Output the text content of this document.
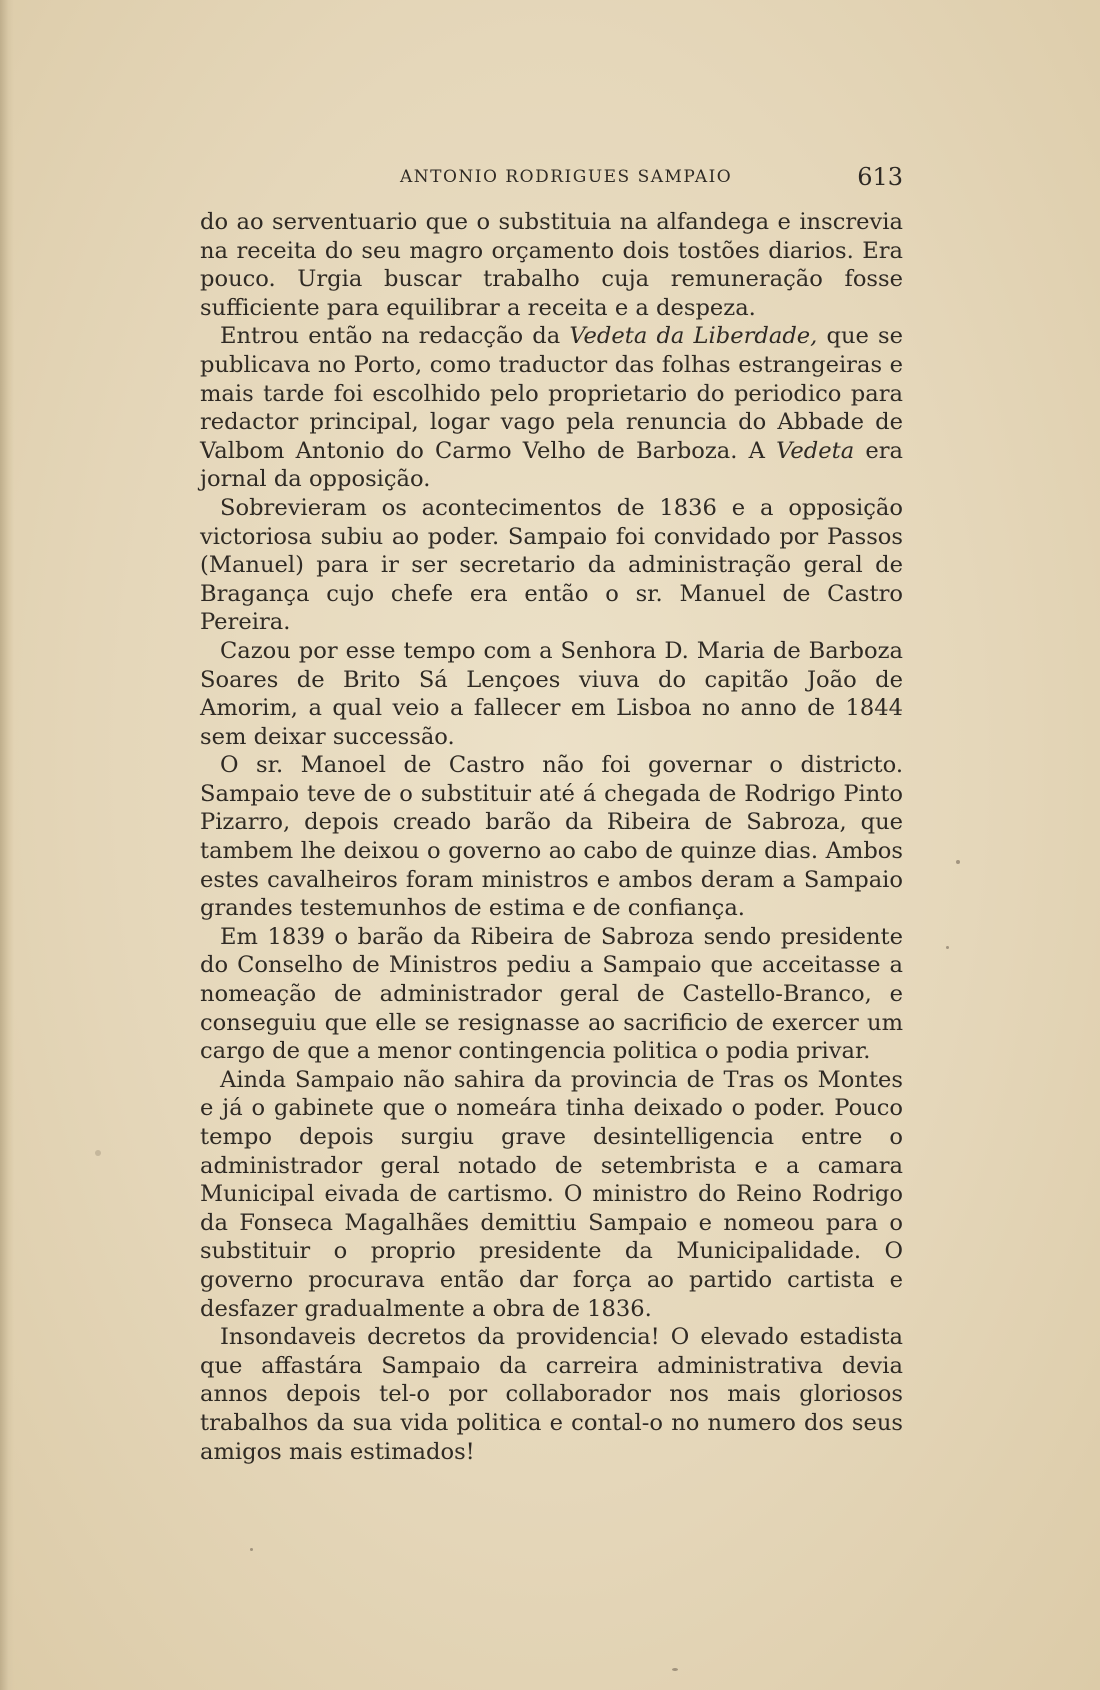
ANTONIO RODRIGUES SAMPAIO	613

do ao serventuario que o substituia na alfandega e inscrevia na receita do seu magro orçamento dois tostões diarios. Era pouco. Urgia buscar trabalho cuja remuneração fosse sufficiente para equilibrar a receita e a despeza.

Entrou então na redacção da Vedeta da Liberdade, que se publicava no Porto, como traductor das folhas estrangeiras e mais tarde foi escolhido pelo proprietario do periodico para redactor principal, logar vago pela renuncia do Abbade de Valbom Antonio do Carmo Velho de Barboza. A Vedeta era jornal da opposição.

Sobrevieram os acontecimentos de 1836 e a opposição victoriosa subiu ao poder. Sampaio foi convidado por Passos (Manuel) para ir ser secretario da administração geral de Bragança cujo chefe era então o sr. Manuel de Castro Pereira.

Cazou por esse tempo com a Senhora D. Maria de Barboza Soares de Brito Sá Lençoes viuva do capitão João de Amorim, a qual veio a fallecer em Lisboa no anno de 1844 sem deixar successão.

O sr. Manoel de Castro não foi governar o districto. Sampaio teve de o substituir até á chegada de Rodrigo Pinto Pizarro, depois creado barão da Ribeira de Sabroza, que tambem lhe deixou o governo ao cabo de quinze dias. Ambos estes cavalheiros foram ministros e ambos deram a Sampaio grandes testemunhos de estima e de confiança.

Em 1839 o barão da Ribeira de Sabroza sendo presidente do Conselho de Ministros pediu a Sampaio que acceitasse a nomeação de administrador geral de Castello-Branco, e conseguiu que elle se resignasse ao sacrificio de exercer um cargo de que a menor contingencia politica o podia privar.

Ainda Sampaio não sahira da provincia de Tras os Montes e já o gabinete que o nomeára tinha deixado o poder. Pouco tempo depois surgiu grave desintelligencia entre o administrador geral notado de setembrista e a camara Municipal eivada de cartismo. O ministro do Reino Rodrigo da Fonseca Magalhães demittiu Sampaio e nomeou para o substituir o proprio presidente da Municipalidade. O governo procurava então dar força ao partido cartista e desfazer gradualmente a obra de 1836.

Insondaveis decretos da providencia! O elevado estadista que affastára Sampaio da carreira administrativa devia annos depois tel-o por collaborador nos mais gloriosos trabalhos da sua vida politica e contal-o no numero dos seus amigos mais estimados!
